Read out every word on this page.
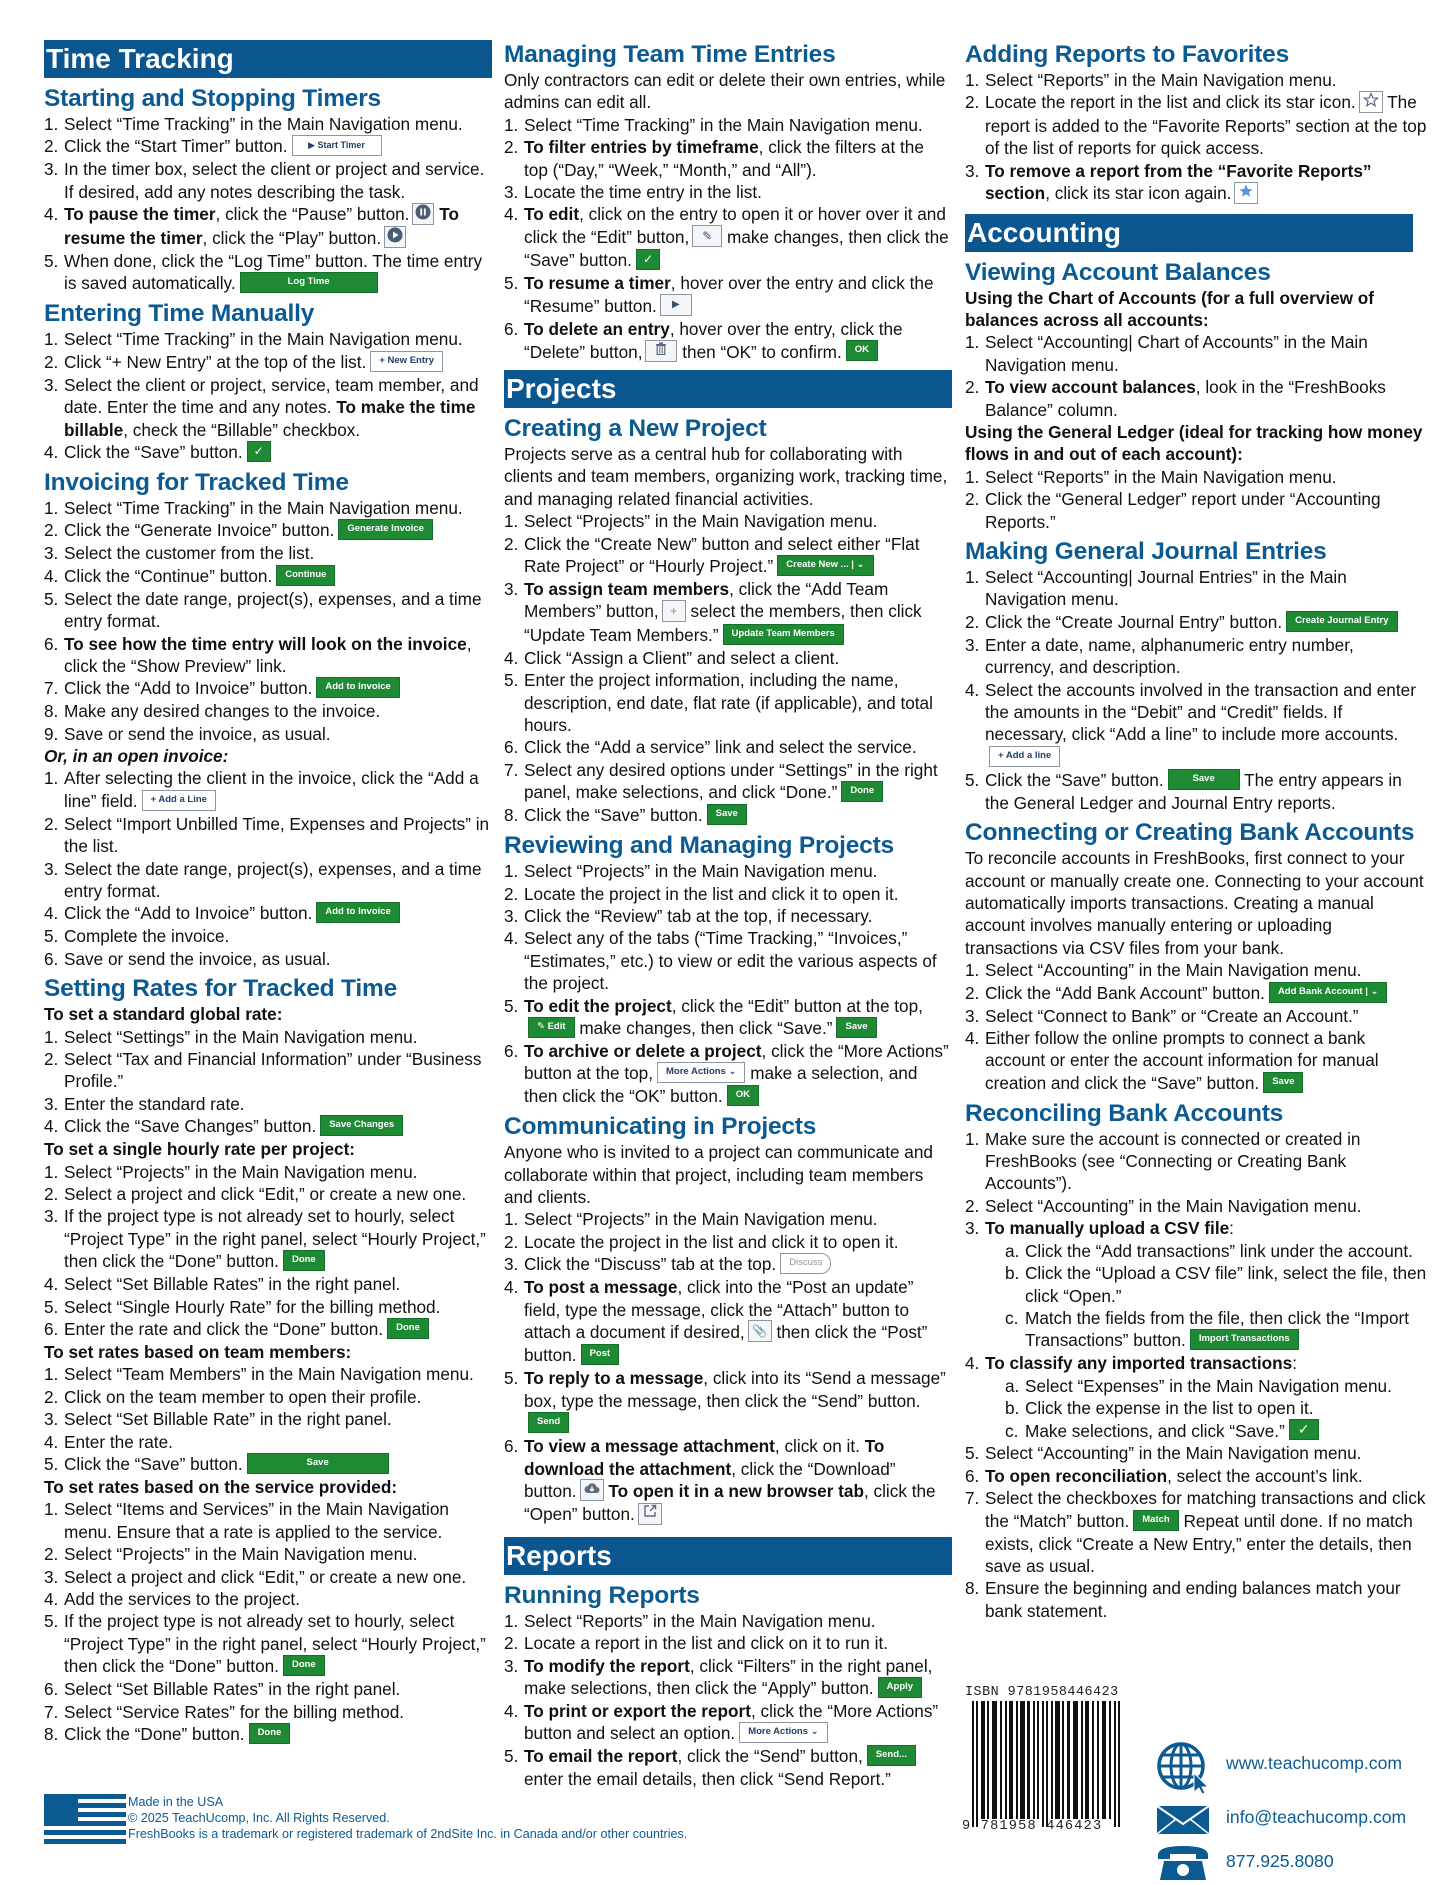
Time Tracking
Starting and Stopping Timers
1. Select “Time Tracking” in the Main Navigation menu.
2. Click the “Start Timer” button. ▶ Start Timer
3. In the timer box, select the client or project and service. If desired, add any notes describing the task.
4. To pause the timer, click the “Pause” button. To resume the timer, click the “Play” button.
5. When done, click the “Log Time” button. The time entry is saved automatically.	Log Time
Entering Time Manually
1. Select “Time Tracking” in the Main Navigation menu.
2. Click “+ New Entry” at the top of the list. + New Entry
3. Select the client or project, service, team member, and date. Enter the time and any notes. To make the time billable, check the “Billable” checkbox.
4. Click the “Save” button. ✓
Invoicing for Tracked Time
1. Select “Time Tracking” in the Main Navigation menu.
2. Click the “Generate Invoice” button. Generate Invoice
3. Select the customer from the list.
4. Click the “Continue” button. Continue
5. Select the date range, project(s), expenses, and a time entry format.
6. To see how the time entry will look on the invoice, click the “Show Preview” link.
7. Click the “Add to Invoice” button. Add to Invoice
8. Make any desired changes to the invoice.
9. Save or send the invoice, as usual.
Or, in an open invoice:
1. After selecting the client in the invoice, click the “Add a line” field. + Add a Line
2. Select “Import Unbilled Time, Expenses and Projects” in the list.
3. Select the date range, project(s), expenses, and a time entry format.
4. Click the “Add to Invoice” button. Add to Invoice
5. Complete the invoice.
6. Save or send the invoice, as usual.
Setting Rates for Tracked Time
To set a standard global rate:
1. Select “Settings” in the Main Navigation menu.
2. Select “Tax and Financial Information” under “Business Profile.”
3. Enter the standard rate.
4. Click the “Save Changes” button. Save Changes
To set a single hourly rate per project:
1. Select “Projects” in the Main Navigation menu.
2. Select a project and click “Edit,” or create a new one.
3. If the project type is not already set to hourly, select “Project Type” in the right panel, select “Hourly Project,” then click the “Done” button. Done
4. Select “Set Billable Rates” in the right panel.
5. Select “Single Hourly Rate” for the billing method.
6. Enter the rate and click the “Done” button. Done
To set rates based on team members:
1. Select “Team Members” in the Main Navigation menu.
2. Click on the team member to open their profile.
3. Select “Set Billable Rate” in the right panel.
4. Enter the rate.
5. Click the “Save” button.	Save
To set rates based on the service provided:
1. Select “Items and Services” in the Main Navigation menu. Ensure that a rate is applied to the service.
2. Select “Projects” in the Main Navigation menu.
3. Select a project and click “Edit,” or create a new one.
4. Add the services to the project.
5. If the project type is not already set to hourly, select “Project Type” in the right panel, select “Hourly Project,” then click the “Done” button. Done
6. Select “Set Billable Rates” in the right panel.
7. Select “Service Rates” for the billing method.
8. Click the “Done” button. Done
Managing Team Time Entries

Only contractors can edit or delete their own entries, while admins can edit all.

1. Select “Time Tracking” in the Main Navigation menu.
2. To filter entries by timeframe, click the filters at the top (“Day,” “Week,” “Month,” and “All”).
3. Locate the time entry in the list.
4. To edit, click on the entry to open it or hover over it and click the “Edit” button, ✎ make changes, then click the “Save” button. ✓
5. To resume a timer, hover over the entry and click the “Resume” button. ▶
6. To delete an entry, hover over the entry, click the “Delete” button, then “OK” to confirm. OK
Projects
Creating a New Project

Projects serve as a central hub for collaborating with clients and team members, organizing work, tracking time, and managing related financial activities.

1. Select “Projects” in the Main Navigation menu.
2. Click the “Create New” button and select either “Flat Rate Project” or “Hourly Project.” Create New ... | ⌄
3. To assign team members, click the “Add Team Members” button, + select the members, then click “Update Team Members.” Update Team Members
4. Click “Assign a Client” and select a client.
5. Enter the project information, including the name, description, end date, flat rate (if applicable), and total hours.
6. Click the “Add a service” link and select the service.
7. Select any desired options under “Settings” in the right panel, make selections, and click “Done.” Done
8. Click the “Save” button. Save
Reviewing and Managing Projects
1. Select “Projects” in the Main Navigation menu.
2. Locate the project in the list and click it to open it.
3. Click the “Review” tab at the top, if necessary.
4. Select any of the tabs (“Time Tracking,” “Invoices,” “Estimates,” etc.) to view or edit the various aspects of the project.
5. To edit the project, click the “Edit” button at the top,✎ Edit make changes, then click “Save.” Save
6. To archive or delete a project, click the “More Actions” button at the top, More Actions ⌄ make a selection, and then click the “OK” button. OK
Communicating in Projects

Anyone who is invited to a project can communicate and collaborate within that project, including team members and clients.

1. Select “Projects” in the Main Navigation menu.
2. Locate the project in the list and click it to open it.
3. Click the “Discuss” tab at the top. Discuss
4. To post a message, click into the “Post an update” field, type the message, click the “Attach” button to attach a document if desired, 📎 then click the “Post” button. Post
5. To reply to a message, click into its “Send a message” box, type the message, then click the “Send” button.Send
6. To view a message attachment, click on it. To download the attachment, click the “Download” button. To open it in a new browser tab, click the “Open” button.
Reports
Running Reports
1. Select “Reports” in the Main Navigation menu.
2. Locate a report in the list and click on it to run it.
3. To modify the report, click “Filters” in the right panel, make selections, then click the “Apply” button. Apply
4. To print or export the report, click the “More Actions” button and select an option. More Actions ⌄
5. To email the report, click the “Send” button, Send... enter the email details, then click “Send Report.”
Adding Reports to Favorites
1. Select “Reports” in the Main Navigation menu.
2. Locate the report in the list and click its star icon. The report is added to the “Favorite Reports” section at the top of the list of reports for quick access.
3. To remove a report from the “Favorite Reports” section, click its star icon again.
Accounting
Viewing Account Balances
Using the Chart of Accounts (for a full overview of balances across all accounts:
1. Select “Accounting| Chart of Accounts” in the Main Navigation menu.
2. To view account balances, look in the “FreshBooks Balance” column.
Using the General Ledger (ideal for tracking how money flows in and out of each account):
1. Select “Reports” in the Main Navigation menu.
2. Click the “General Ledger” report under “Accounting Reports.”
Making General Journal Entries
1. Select “Accounting| Journal Entries” in the Main Navigation menu.
2. Click the “Create Journal Entry” button. Create Journal Entry
3. Enter a date, name, alphanumeric entry number, currency, and description.
4. Select the accounts involved in the transaction and enter the amounts in the “Debit” and “Credit” fields. If necessary, click “Add a line” to include more accounts.+ Add a line
5. Click the “Save” button.	Save The entry appears in the General Ledger and Journal Entry reports.
Connecting or Creating Bank Accounts

To reconcile accounts in FreshBooks, first connect to your account or manually create one. Connecting to your account automatically imports transactions. Creating a manual account involves manually entering or uploading transactions via CSV files from your bank.

1. Select “Accounting” in the Main Navigation menu.
2. Click the “Add Bank Account” button. Add Bank Account | ⌄
3. Select “Connect to Bank” or “Create an Account.”
4. Either follow the online prompts to connect a bank account or enter the account information for manual creation and click the “Save” button. Save
Reconciling Bank Accounts
1. Make sure the account is connected or created in FreshBooks (see “Connecting or Creating Bank Accounts”).
2. Select “Accounting” in the Main Navigation menu.
3. To manually upload a CSV file:
a. Click the “Add transactions” link under the account.
b. Click the “Upload a CSV file” link, select the file, then click “Open.”
c. Match the fields from the file, then click the “Import Transactions” button. Import Transactions
4. To classify any imported transactions:
a. Select “Expenses” in the Main Navigation menu.
b. Click the expense in the list to open it.
c. Make selections, and click “Save.” ✓
5. Select “Accounting” in the Main Navigation menu.
6. To open reconciliation, select the account’s link.
7. Select the checkboxes for matching transactions and click the “Match” button. Match Repeat until done. If no match exists, click “Create a New Entry,” enter the details, then save as usual.
8. Ensure the beginning and ending balances match your bank statement.
Made in the USA
© 2025 TeachUcomp, Inc. All Rights Reserved.
FreshBooks is a trademark or registered trademark of 2ndSite Inc. in Canada and/or other countries.
ISBN 9781958446423
9 781958 446423
www.teachucomp.com
info@teachucomp.com
877.925.8080
